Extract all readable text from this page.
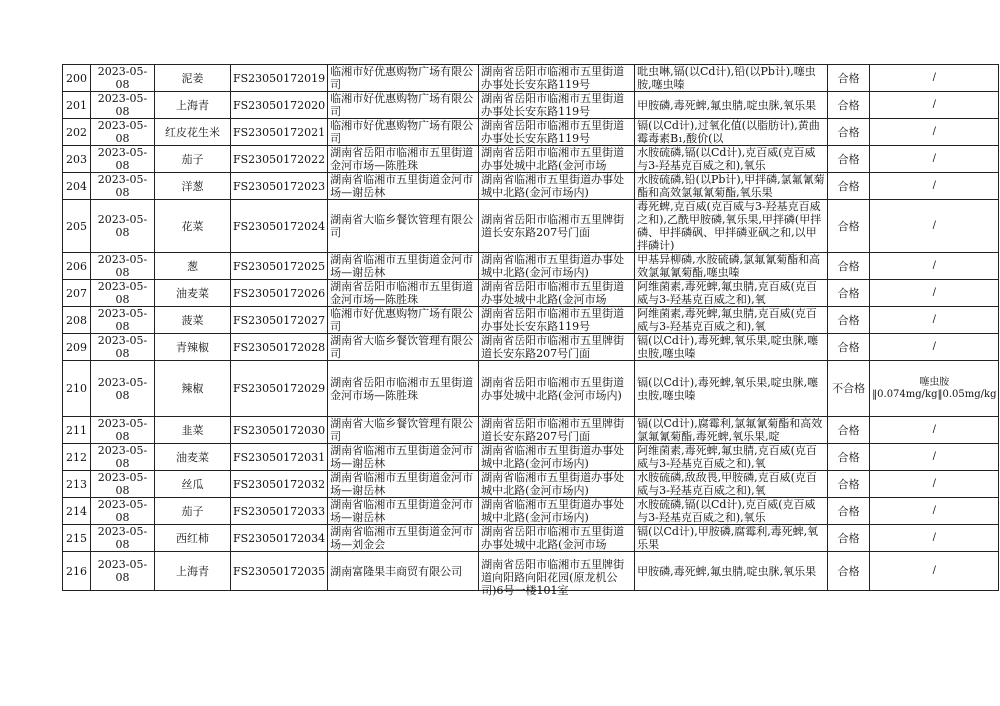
200	2023-05-08	泥姜	FS23050172019	临湘市好优惠购物广场有限公司	湖南省岳阳市临湘市五里街道办事处长安东路119号	吡虫啉,镉(以Cd计),铅(以Pb计),噻虫胺,噻虫嗪	合格	/
201	2023-05-08	上海青	FS23050172020	临湘市好优惠购物广场有限公司	湖南省岳阳市临湘市五里街道办事处长安东路119号	甲胺磷,毒死蜱,氟虫腈,啶虫脒,氧乐果	合格	/
202	2023-05-08	红皮花生米	FS23050172021	临湘市好优惠购物广场有限公司	湖南省岳阳市临湘市五里街道办事处长安东路119号	镉(以Cd计),过氧化值(以脂肪计),黄曲霉毒素B₁,酸价(以	合格	/
203	2023-05-08	茄子	FS23050172022	湖南省岳阳市临湘市五里街道金河市场—陈胜珠	湖南省岳阳市临湘市五里街道办事处城中北路(金河市场	水胺硫磷,镉(以Cd计),克百威(克百威与3-羟基克百威之和),氧乐	合格	/
204	2023-05-08	洋葱	FS23050172023	湖南省临湘市五里街道金河市场—谢岳林	湖南省临湘市五里街道办事处城中北路(金河市场内)	水胺硫磷,铅(以Pb计),甲拌磷,氯氟氰菊酯和高效氯氟氰菊酯,氧乐果	合格	/
205	2023-05-08	花菜	FS23050172024	湖南省大临乡餐饮管理有限公司	湖南省岳阳市临湘市五里牌街道长安东路207号门面	毒死蜱,克百威(克百威与3-羟基克百威之和),乙酰甲胺磷,氧乐果,甲拌磷(甲拌磷、甲拌磷砜、甲拌磷亚砜之和,以甲拌磷计)	合格	/
206	2023-05-08	葱	FS23050172025	湖南省临湘市五里街道金河市场—谢岳林	湖南省临湘市五里街道办事处城中北路(金河市场内)	甲基异柳磷,水胺硫磷,氯氟氰菊酯和高效氯氟氰菊酯,噻虫嗪	合格	/
207	2023-05-08	油麦菜	FS23050172026	湖南省岳阳市临湘市五里街道金河市场—陈胜珠	湖南省岳阳市临湘市五里街道办事处城中北路(金河市场	阿维菌素,毒死蜱,氟虫腈,克百威(克百威与3-羟基克百威之和),氧	合格	/
208	2023-05-08	菠菜	FS23050172027	临湘市好优惠购物广场有限公司	湖南省岳阳市临湘市五里街道办事处长安东路119号	阿维菌素,毒死蜱,氟虫腈,克百威(克百威与3-羟基克百威之和),氧	合格	/
209	2023-05-08	青辣椒	FS23050172028	湖南省大临乡餐饮管理有限公司	湖南省岳阳市临湘市五里牌街道长安东路207号门面	镉(以Cd计),毒死蜱,氧乐果,啶虫脒,噻虫胺,噻虫嗪	合格	/
210	2023-05-08	辣椒	FS23050172029	湖南省岳阳市临湘市五里街道金河市场—陈胜珠	湖南省岳阳市临湘市五里街道办事处城中北路(金河市场内)	镉(以Cd计),毒死蜱,氧乐果,啶虫脒,噻虫胺,噻虫嗪	不合格	噻虫胺‖0.074mg/kg‖0.05mg/kg
211	2023-05-08	韭菜	FS23050172030	湖南省大临乡餐饮管理有限公司	湖南省岳阳市临湘市五里牌街道长安东路207号门面	镉(以Cd计),腐霉利,氯氟氰菊酯和高效氯氟氰菊酯,毒死蜱,氧乐果,啶	合格	/
212	2023-05-08	油麦菜	FS23050172031	湖南省临湘市五里街道金河市场—谢岳林	湖南省临湘市五里街道办事处城中北路(金河市场内)	阿维菌素,毒死蜱,氟虫腈,克百威(克百威与3-羟基克百威之和),氧	合格	/
213	2023-05-08	丝瓜	FS23050172032	湖南省临湘市五里街道金河市场—谢岳林	湖南省临湘市五里街道办事处城中北路(金河市场内)	水胺硫磷,敌敌畏,甲胺磷,克百威(克百威与3-羟基克百威之和),氧	合格	/
214	2023-05-08	茄子	FS23050172033	湖南省临湘市五里街道金河市场—谢岳林	湖南省临湘市五里街道办事处城中北路(金河市场内)	水胺硫磷,镉(以Cd计),克百威(克百威与3-羟基克百威之和),氧乐	合格	/
215	2023-05-08	西红柿	FS23050172034	湖南省临湘市五里街道金河市场—刘金会	湖南省岳阳市临湘市五里街道办事处城中北路(金河市场	镉(以Cd计),甲胺磷,腐霉利,毒死蜱,氧乐果	合格	/
216	2023-05-08	上海青	FS23050172035	湖南富隆果丰商贸有限公司	湖南省岳阳市临湘市五里牌街道向阳路向阳花园(原龙机公司)6号一楼101室	甲胺磷,毒死蜱,氟虫腈,啶虫脒,氧乐果	合格	/
